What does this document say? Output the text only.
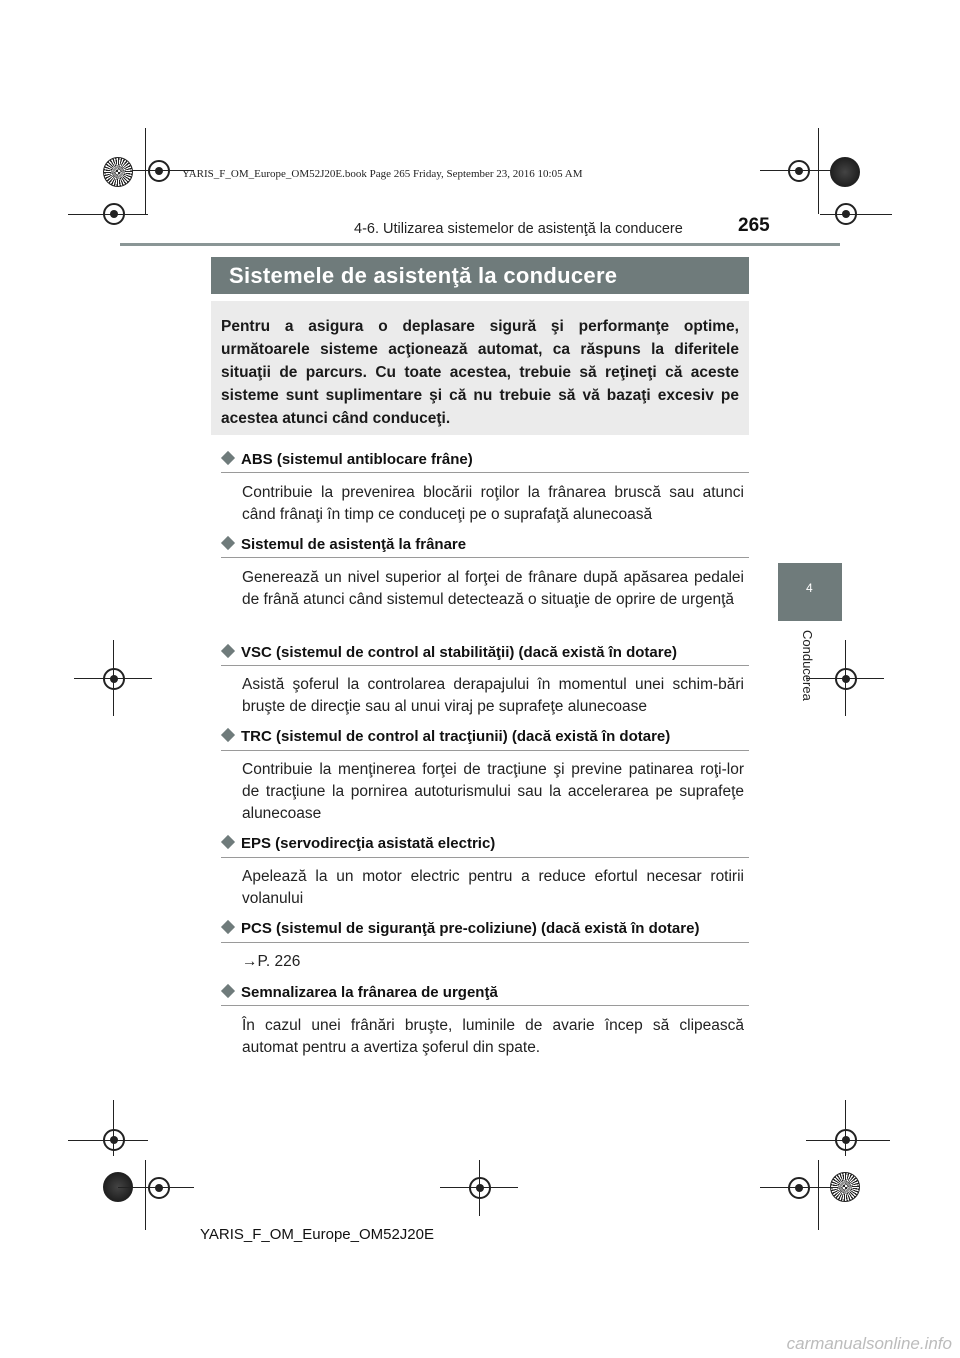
YARIS_F_OM_Europe_OM52J20E.book Page 265 Friday, September 23, 2016 10:05 AM
4-6. Utilizarea sistemelor de asistenţă la conducere	265
Sistemele de asistenţă la conducere

Pentru a asigura o deplasare sigură şi performanţe optime, următoarele sisteme acţionează automat, ca răspuns la diferitele situaţii de parcurs. Cu toate acestea, trebuie să reţineţi că aceste sisteme sunt suplimentare şi că nu trebuie să vă bazaţi excesiv pe acestea atunci când conduceţi.

4
Conducerea
ABS (sistemul antiblocare frâne)

Contribuie la prevenirea blocării roţilor la frânarea bruscă sau atunci când frânaţi în timp ce conduceţi pe o suprafaţă alunecoasă

Sistemul de asistenţă la frânare

Generează un nivel superior al forţei de frânare după apăsarea pedalei de frână atunci când sistemul detectează o situaţie de oprire de urgenţă

VSC (sistemul de control al stabilităţii) (dacă există în dotare)

Asistă şoferul la controlarea derapajului în momentul unei schim-bări bruşte de direcţie sau al unui viraj pe suprafeţe alunecoase

TRC (sistemul de control al tracţiunii) (dacă există în dotare)

Contribuie la menţinerea forţei de tracţiune şi previne patinarea roţi-lor de tracţiune la pornirea autoturismului sau la accelerarea pe suprafeţe alunecoase

EPS (servodirecţia asistată electric)

Apelează la un motor electric pentru a reduce efortul necesar rotirii volanului

PCS (sistemul de siguranţă pre-coliziune) (dacă există în dotare)

→P. 226

Semnalizarea la frânarea de urgenţă

În cazul unei frânări bruşte, luminile de avarie încep să clipească automat pentru a avertiza şoferul din spate.

YARIS_F_OM_Europe_OM52J20E
carmanualsonline.info
